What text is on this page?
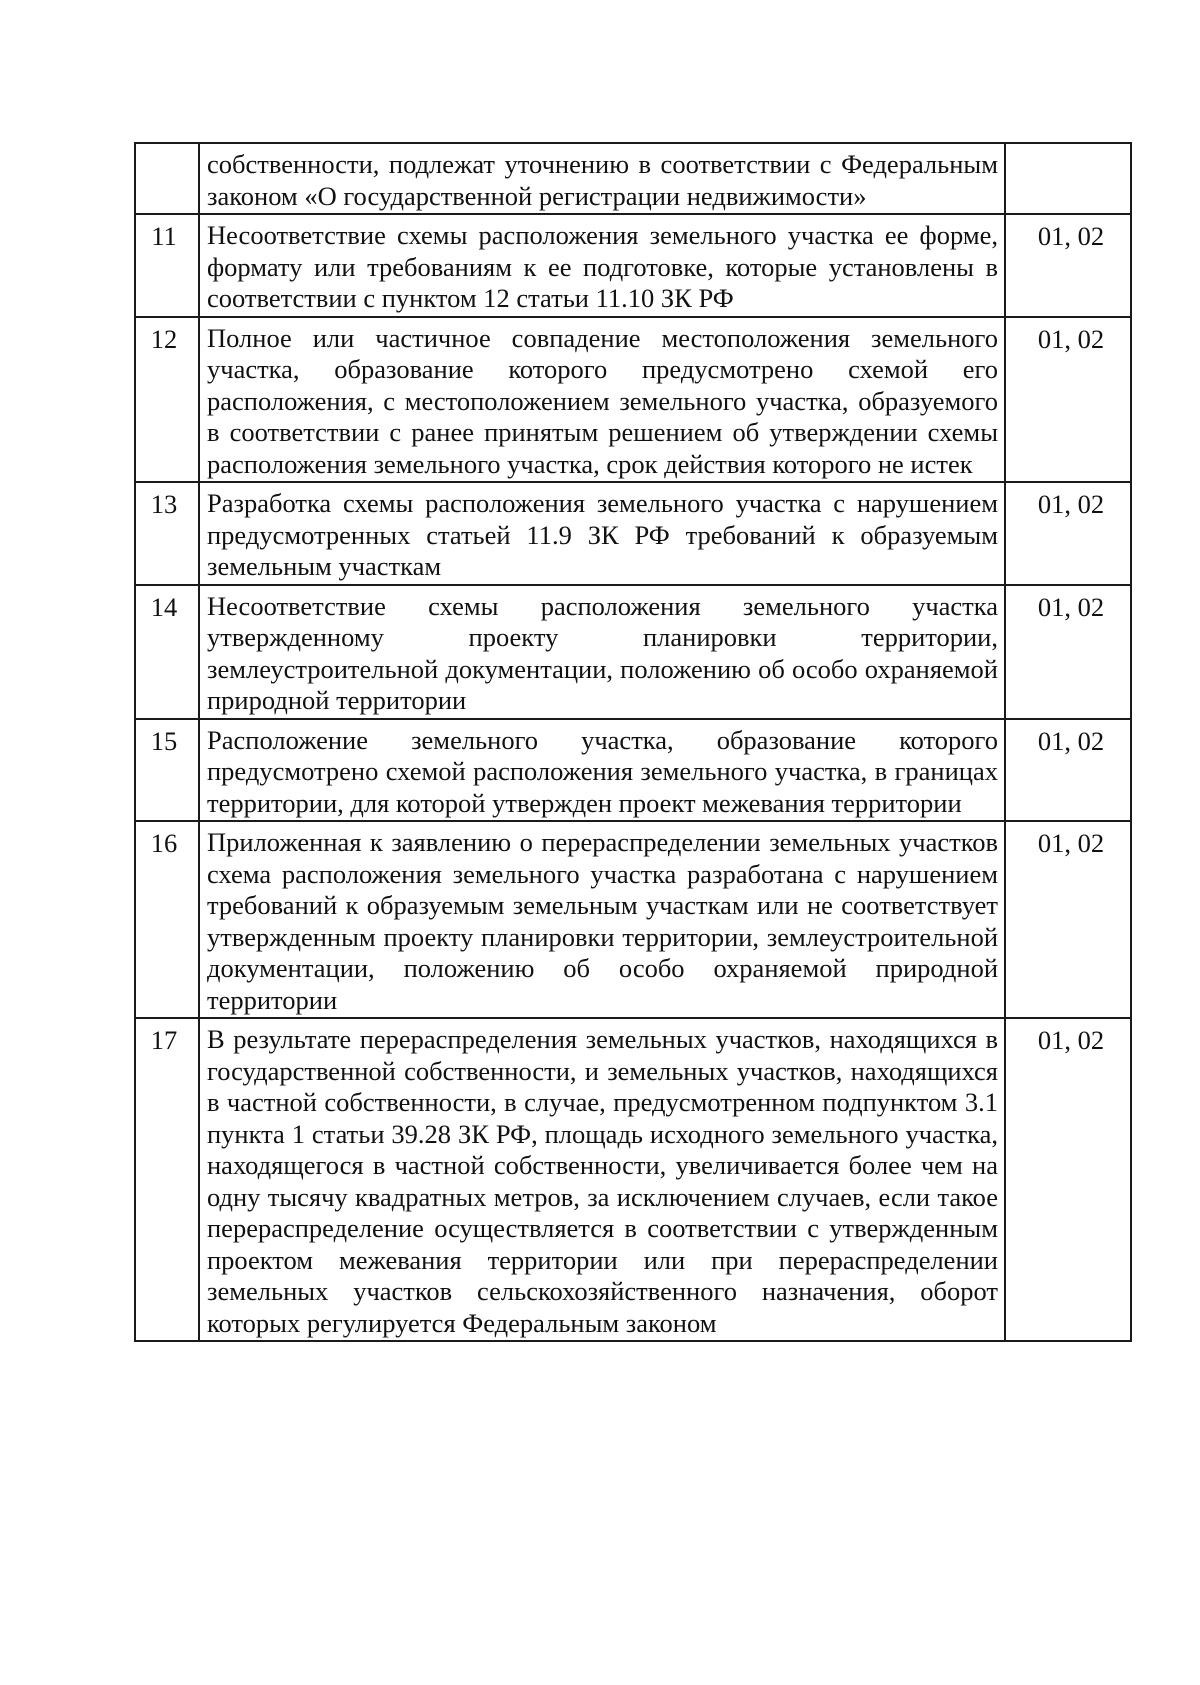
	собственности, подлежат уточнению в соответствии с Федеральным законом «О государственной регистрации недвижимости»	
11	Несоответствие схемы расположения земельного участка ее форме, формату или требованиям к ее подготовке, которые установлены в соответствии с пунктом 12 статьи 11.10 ЗК РФ	01, 02
12	Полное или частичное совпадение местоположения земельного участка, образование которого предусмотрено схемой его расположения, с местоположением земельного участка, образуемого в соответствии с ранее принятым решением об утверждении схемы расположения земельного участка, срок действия которого не истек	01, 02
13	Разработка схемы расположения земельного участка с нарушением предусмотренных статьей 11.9 ЗК РФ требований к образуемым земельным участкам	01, 02
14	Несоответствие схемы расположения земельного участка утвержденному проекту планировки территории, землеустроительной документации, положению об особо охраняемой природной территории	01, 02
15	Расположение земельного участка, образование которого предусмотрено схемой расположения земельного участка, в границах территории, для которой утвержден проект межевания территории	01, 02
16	Приложенная к заявлению о перераспределении земельных участков схема расположения земельного участка разработана с нарушением требований к образуемым земельным участкам или не соответствует утвержденным проекту планировки территории, землеустроительной документации, положению об особо охраняемой природной территории	01, 02
17	В результате перераспределения земельных участков, находящихся в государственной собственности, и земельных участков, находящихся в частной собственности, в случае, предусмотренном подпунктом 3.1 пункта 1 статьи 39.28 ЗК РФ, площадь исходного земельного участка, находящегося в частной собственности, увеличивается более чем на одну тысячу квадратных метров, за исключением случаев, если такое перераспределение осуществляется в соответствии с утвержденным проектом межевания территории или при перераспределении земельных участков сельскохозяйственного назначения, оборот которых регулируется Федеральным законом	01, 02
